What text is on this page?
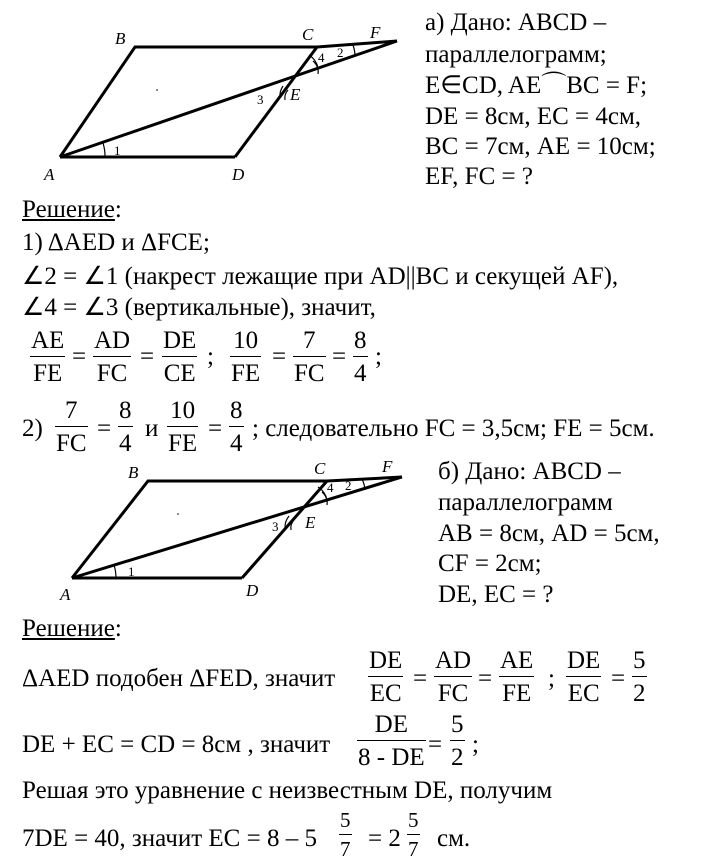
B	C	F
E
A	D
1
2
3
4
а) Дано: ABCD –
параллелограмм;
E∈CD, AE⌒BC = F;
DE = 8см, EC = 4см,
BC = 7см, AE = 10см;
EF, FC = ?
Решение:
1) ΔAED и ΔFCE;
∠2 = ∠1 (накрест лежащие при AD||BC и секущей AF),
∠4 = ∠3 (вертикальные), значит,
$\frac{AE}{FE} = \frac{AD}{FC} = \frac{DE}{CE}$ ; $\frac{10}{FE} = \frac{7}{FC} = \frac{8}{4}$ ;
$2) \frac{7}{FC} = \frac{8}{4}$ и $\frac{10}{FE} = \frac{8}{4}$ ; следовательно FC = 3,5см; FE = 5см.
B	C	F
E
A	D
1
2
3
4
б) Дано: ABCD –
параллелограмм
AB = 8см, AD = 5см,
CF = 2см;
DE, EC = ?
Решение:
ΔAED подобен ΔFED, значит $\frac{DE}{EC} = \frac{AD}{FC} = \frac{AE}{FE}$ ; $\frac{DE}{EC} = \frac{5}{2}$
DE + EC = CD = 8см , значит $\frac{DE}{8 - DE} = \frac{5}{2}$ ;
Решая это уравнение с неизвестным DE, получим
7DE = 40, значит EC = $8 - 5 \frac{5}{7} = 2 \frac{5}{7}$ см.
